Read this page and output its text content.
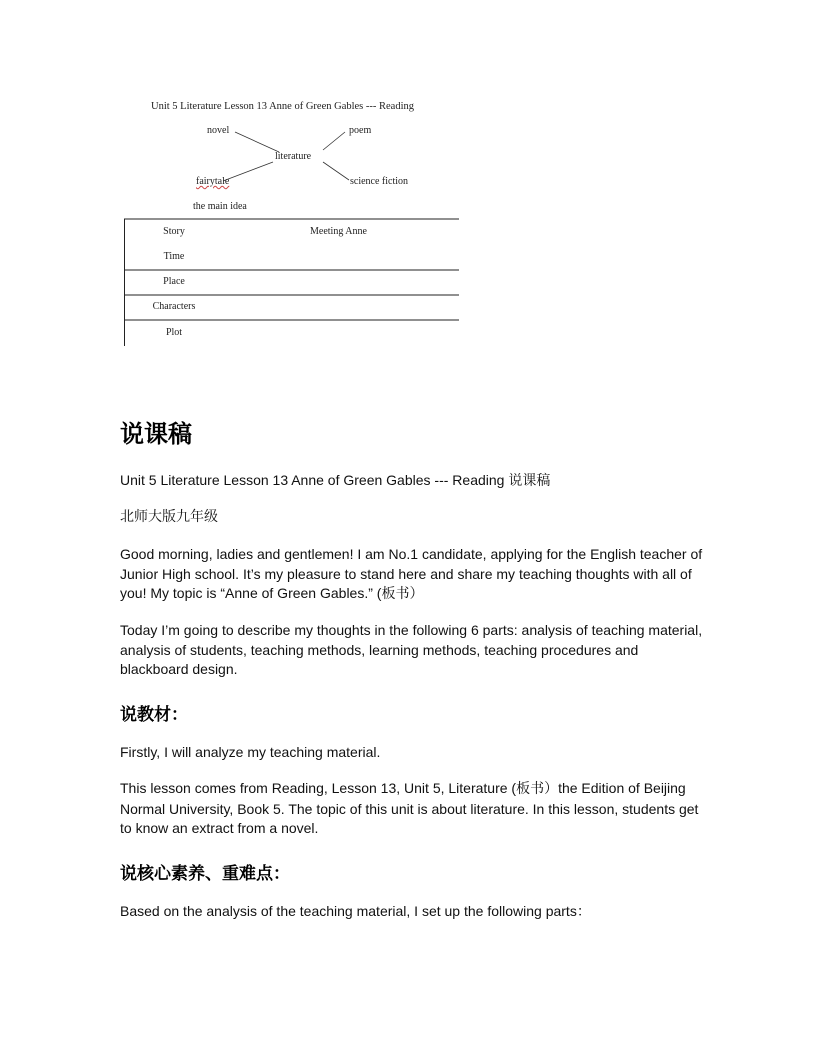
Unit 5 Literature Lesson 13 Anne of Green Gables --- Reading
novel	poem
literature
fairytale	science fiction
the main idea
Story
Time
Place
Characters
Plot
Meeting Anne
说课稿
Unit 5 Literature Lesson 13 Anne of Green Gables --- Reading 说课稿
北师大版九年级
Good morning, ladies and gentlemen! I am No.1 candidate, applying for the English teacher of Junior High school. It’s my pleasure to stand here and share my teaching thoughts with all of you! My topic is “Anne of Green Gables.” (板书）
Today I’m going to describe my thoughts in the following 6 parts: analysis of teaching material, analysis of students, teaching methods, learning methods, teaching procedures and blackboard design.
说教材：
Firstly, I will analyze my teaching material.
This lesson comes from Reading, Lesson 13, Unit 5, Literature (板书）the Edition of Beijing Normal University, Book 5. The topic of this unit is about literature. In this lesson, students get to know an extract from a novel.
说核心素养、重难点：
Based on the analysis of the teaching material, I set up the following parts：
